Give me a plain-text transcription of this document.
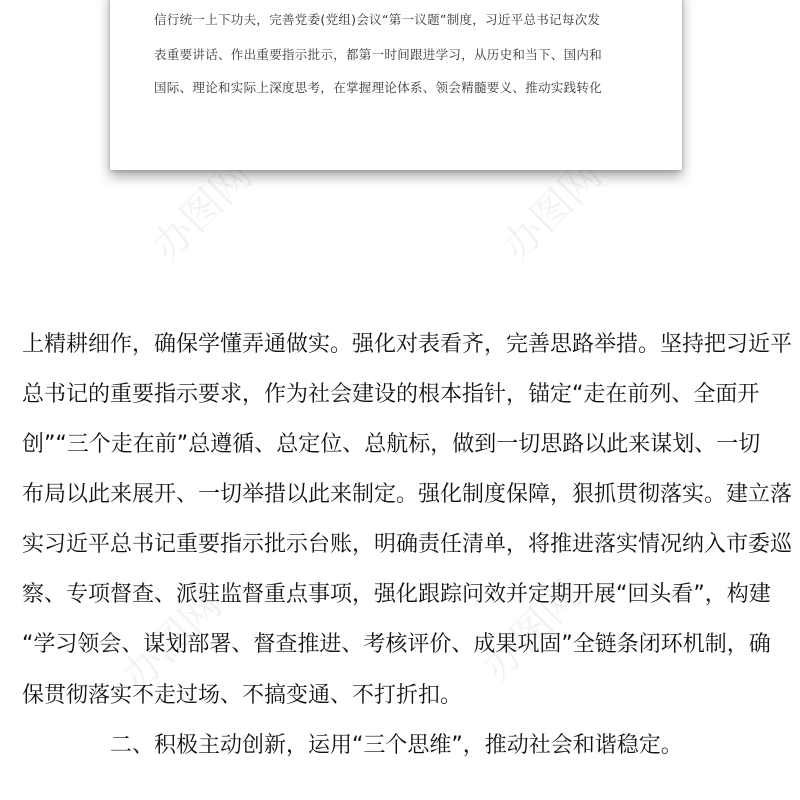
办图网	办图网
办图网	办图网
信行统一上下功夫，完善党委(党组)会议“第一议题”制度，习近平总书记每次发
表重要讲话、作出重要指示批示，都第一时间跟进学习，从历史和当下、国内和
国际、理论和实际上深度思考，在掌握理论体系、领会精髓要义、推动实践转化
上精耕细作，确保学懂弄通做实。强化对表看齐，完善思路举措。坚持把习近平
总书记的重要指示要求，作为社会建设的根本指针，锚定“走在前列、全面开
创”“三个走在前”总遵循、总定位、总航标，做到一切思路以此来谋划、一切
布局以此来展开、一切举措以此来制定。强化制度保障，狠抓贯彻落实。建立落
实习近平总书记重要指示批示台账，明确责任清单，将推进落实情况纳入市委巡
察、专项督查、派驻监督重点事项，强化跟踪问效并定期开展“回头看”，构建
“学习领会、谋划部署、督查推进、考核评价、成果巩固”全链条闭环机制，确
保贯彻落实不走过场、不搞变通、不打折扣。
二、积极主动创新，运用“三个思维”，推动社会和谐稳定。
